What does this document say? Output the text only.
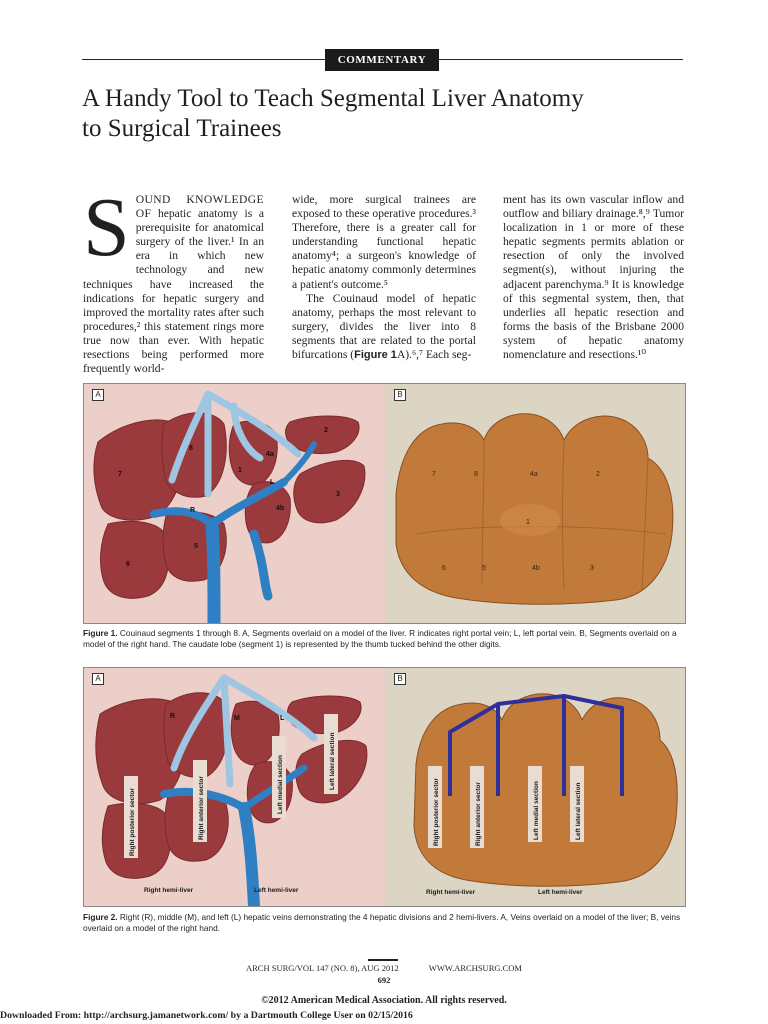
COMMENTARY
A Handy Tool to Teach Segmental Liver Anatomy
to Surgical Trainees

SOUND KNOWLEDGE OF hepatic anatomy is a prerequisite for anatomical surgery of the liver.¹ In an era in which new technology and new techniques have increased the indications for hepatic surgery and improved the mortality rates after such procedures,² this statement rings more true now than ever. With hepatic resections being performed more frequently world-

wide, more surgical trainees are exposed to these operative procedures.³ Therefore, there is a greater call for understanding functional hepatic anatomy⁴; a surgeon's knowledge of hepatic anatomy commonly determines a patient's outcome.⁵

The Couinaud model of hepatic anatomy, perhaps the most relevant to surgery, divides the liver into 8 segments that are related to the portal bifurcations (Figure 1A).⁶,⁷ Each seg-

ment has its own vascular inflow and outflow and biliary drainage.⁸,⁹ Tumor localization in 1 or more of these hepatic segments permits ablation or resection of only the involved segment(s), without injuring the adjacent parenchyma.⁹ It is knowledge of this segmental system, then, that underlies all hepatic resection and forms the basis of the Brisbane 2000 system of hepatic anatomy nomenclature and resections.¹⁰

2
8
4a
1
7
L
3
R	4b
5
6
A
7	8	4a	2
1
6	5	4b	3
B

Figure 1. Couinaud segments 1 through 8. A, Segments overlaid on a model of the liver. R indicates right portal vein; L, left portal vein. B, Segments overlaid on a model of the right hand. The caudate lobe (segment 1) is represented by the thumb tucked behind the other digits.

R	M	L
Right posterior sector	Right anterior sector	Left medial section	Left lateral section
Right hemi-liver	Left hemi-liver
A
Right posterior sector	Right anterior sector	Left medial section	Left lateral section
Right hemi-liver	Left hemi-liver
B

Figure 2. Right (R), middle (M), and left (L) hepatic veins demonstrating the 4 hepatic divisions and 2 hemi-livers. A, Veins overlaid on a model of the liver; B, veins overlaid on a model of the right hand.

ARCH SURG/VOL 147 (NO. 8), AUG 2012	WWW.ARCHSURG.COM
692
©2012 American Medical Association. All rights reserved.
Downloaded From: http://archsurg.jamanetwork.com/ by a Dartmouth College User on 02/15/2016
